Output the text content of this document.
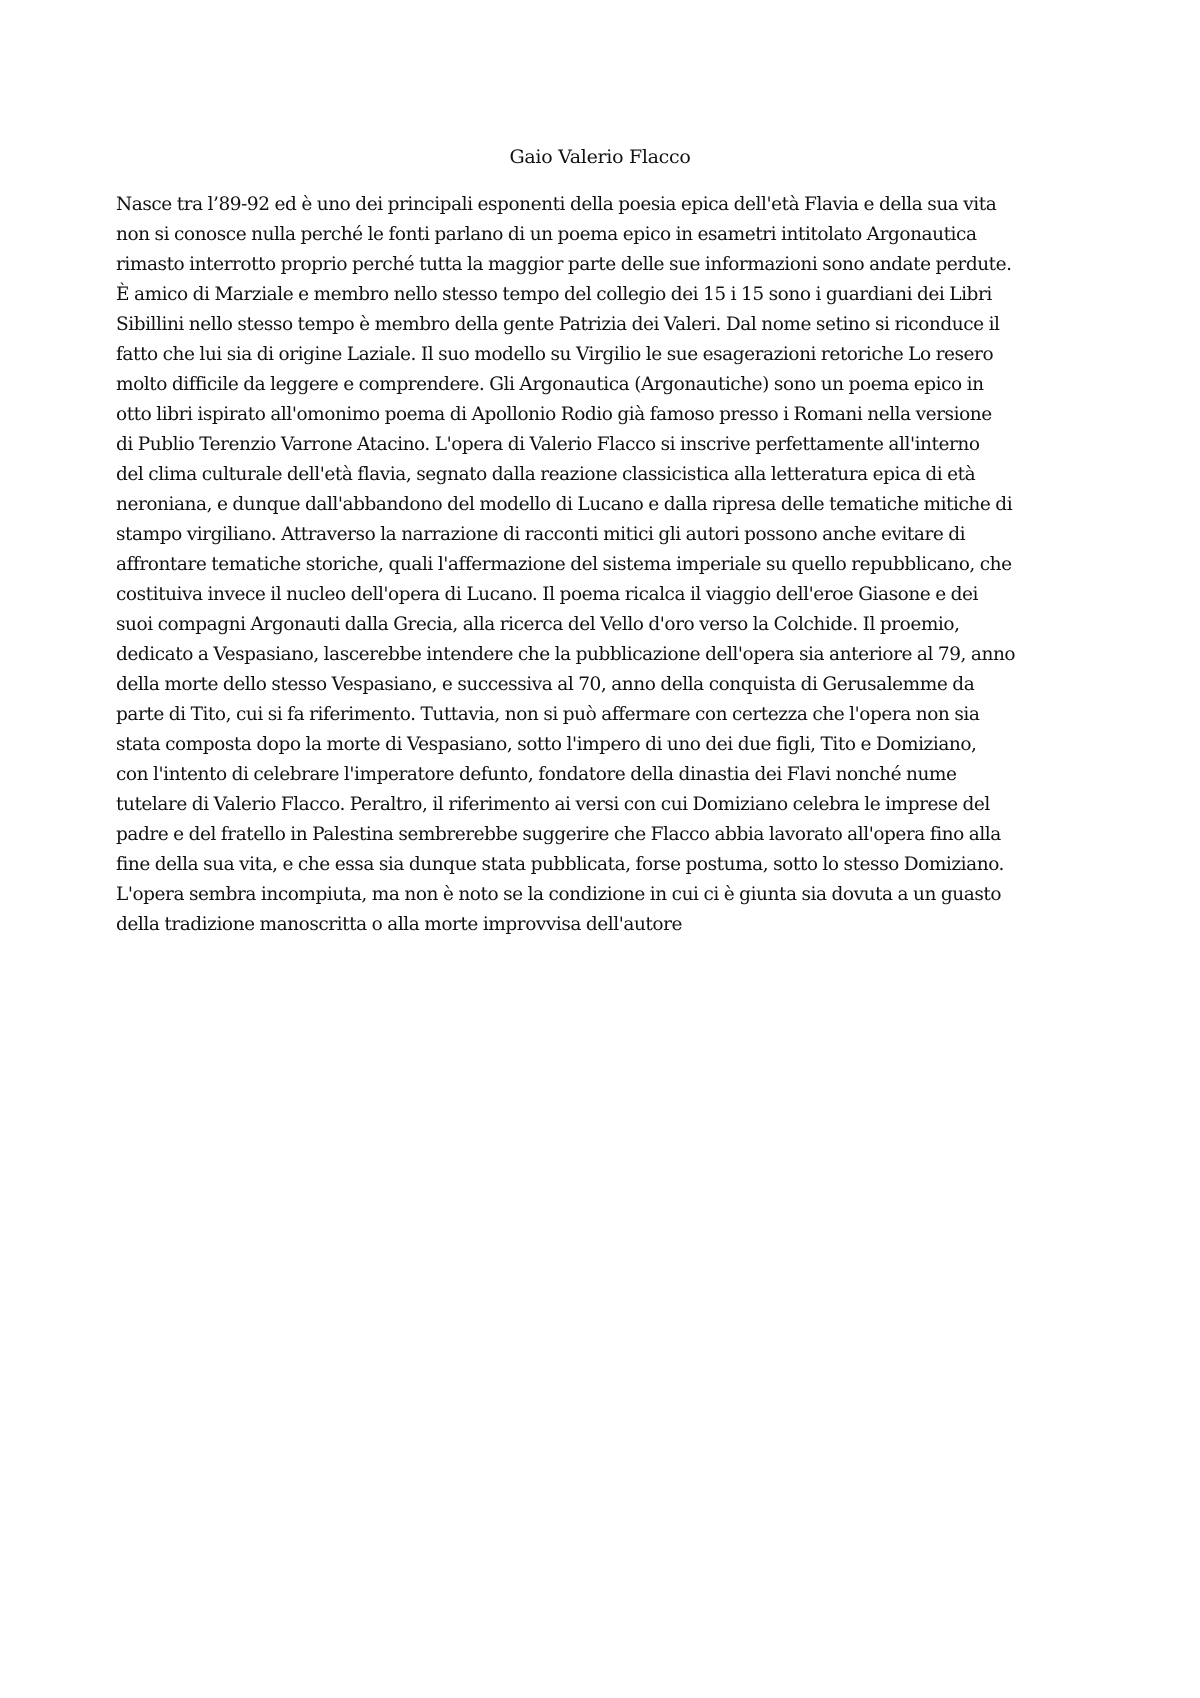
Gaio Valerio Flacco
Nasce tra l’89-92 ed è uno dei principali esponenti della poesia epica dell'età Flavia e della sua vita
non si conosce nulla perché le fonti parlano di un poema epico in esametri intitolato Argonautica
rimasto interrotto proprio perché tutta la maggior parte delle sue informazioni sono andate perdute.
È amico di Marziale e membro nello stesso tempo del collegio dei 15 i 15 sono i guardiani dei Libri
Sibillini nello stesso tempo è membro della gente Patrizia dei Valeri. Dal nome setino si riconduce il
fatto che lui sia di origine Laziale. Il suo modello su Virgilio le sue esagerazioni retoriche Lo resero
molto difficile da leggere e comprendere. Gli Argonautica (Argonautiche) sono un poema epico in
otto libri ispirato all'omonimo poema di Apollonio Rodio già famoso presso i Romani nella versione
di Publio Terenzio Varrone Atacino. L'opera di Valerio Flacco si inscrive perfettamente all'interno
del clima culturale dell'età flavia, segnato dalla reazione classicistica alla letteratura epica di età
neroniana, e dunque dall'abbandono del modello di Lucano e dalla ripresa delle tematiche mitiche di
stampo virgiliano. Attraverso la narrazione di racconti mitici gli autori possono anche evitare di
affrontare tematiche storiche, quali l'affermazione del sistema imperiale su quello repubblicano, che
costituiva invece il nucleo dell'opera di Lucano. Il poema ricalca il viaggio dell'eroe Giasone e dei
suoi compagni Argonauti dalla Grecia, alla ricerca del Vello d'oro verso la Colchide. Il proemio,
dedicato a Vespasiano, lascerebbe intendere che la pubblicazione dell'opera sia anteriore al 79, anno
della morte dello stesso Vespasiano, e successiva al 70, anno della conquista di Gerusalemme da
parte di Tito, cui si fa riferimento. Tuttavia, non si può affermare con certezza che l'opera non sia
stata composta dopo la morte di Vespasiano, sotto l'impero di uno dei due figli, Tito e Domiziano,
con l'intento di celebrare l'imperatore defunto, fondatore della dinastia dei Flavi nonché nume
tutelare di Valerio Flacco. Peraltro, il riferimento ai versi con cui Domiziano celebra le imprese del
padre e del fratello in Palestina sembrerebbe suggerire che Flacco abbia lavorato all'opera fino alla
fine della sua vita, e che essa sia dunque stata pubblicata, forse postuma, sotto lo stesso Domiziano.
L'opera sembra incompiuta, ma non è noto se la condizione in cui ci è giunta sia dovuta a un guasto
della tradizione manoscritta o alla morte improvvisa dell'autore
